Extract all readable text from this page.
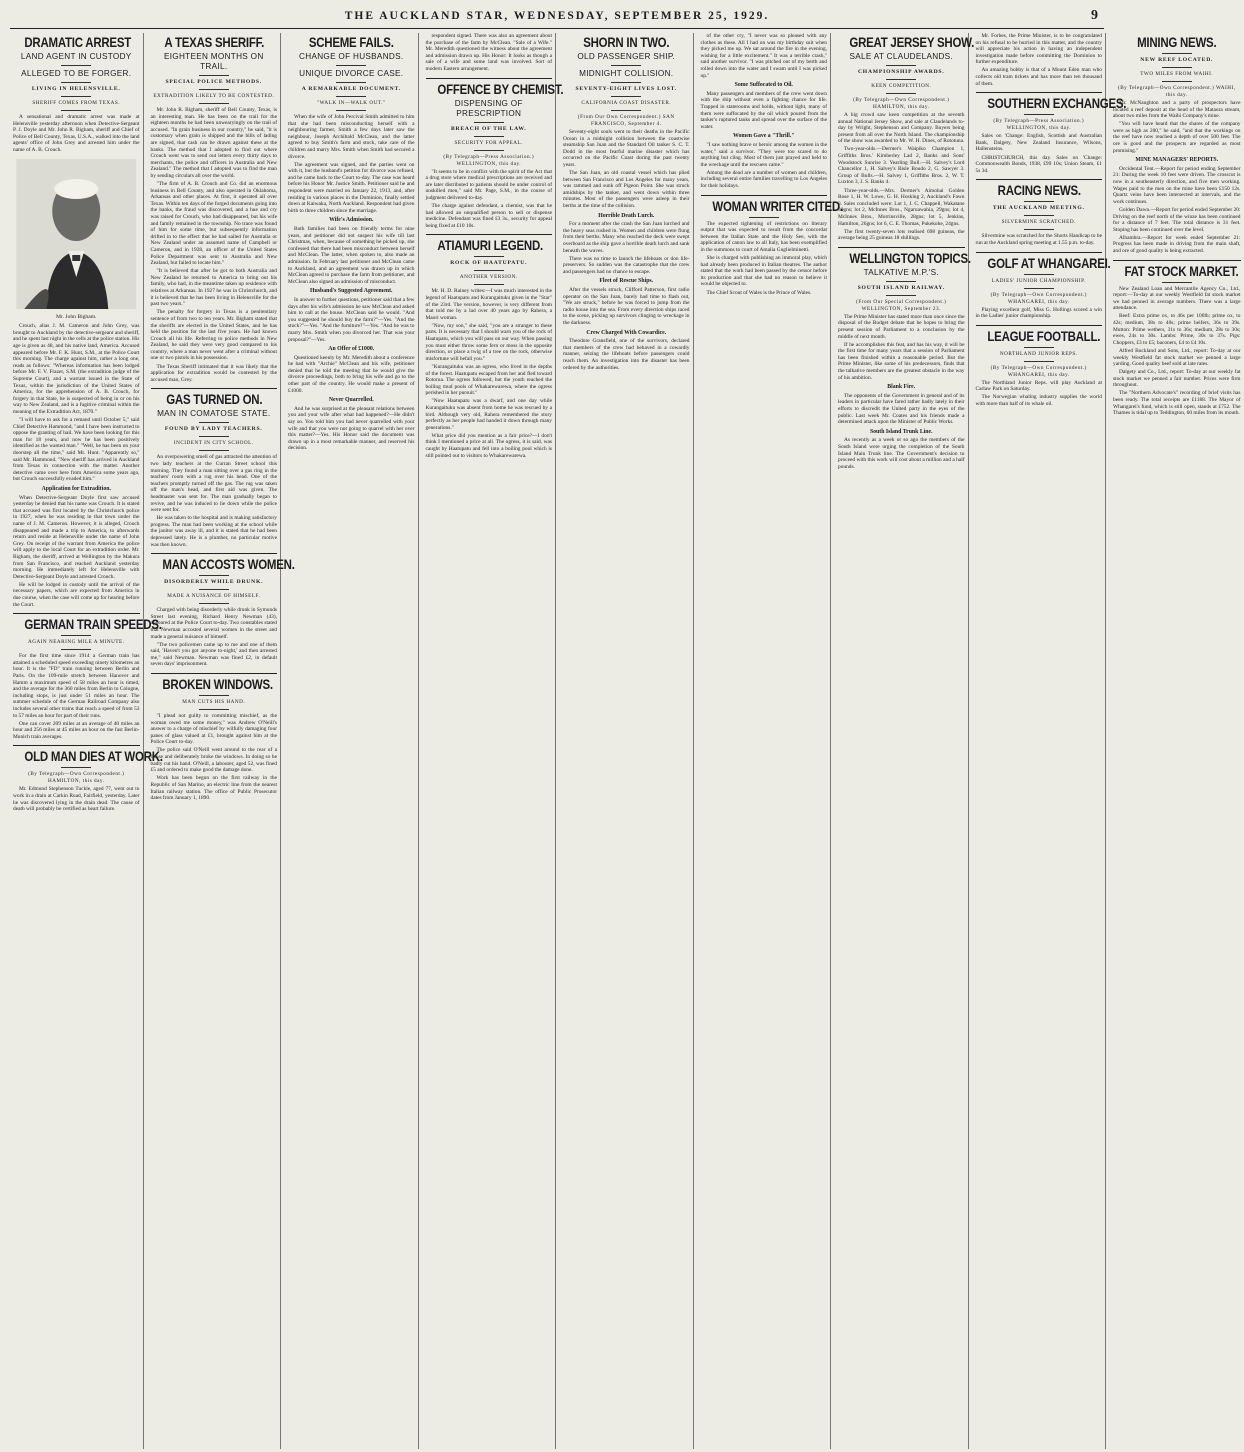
THE AUCKLAND STAR, WEDNESDAY, SEPTEMBER 25, 1929.	9
DRAMATIC ARREST
LAND AGENT IN CUSTODY
ALLEGED TO BE FORGER.
LIVING IN HELENSVILLE.
SHERIFF COMES FROM TEXAS.

A sensational and dramatic arrest was made at Helensville yesterday afternoon when Detective-Sergeant P. J. Doyle and Mr. John R. Bigham, sheriff and Chief of Police of Bell County, Texas, U.S.A., walked into the land agents' office of John Grey and arrested him under the name of A. B. Crouch.

Mr. John Bigham.

Crouch, alias J. M. Cameron and John Grey, was brought to Auckland by the detective-sergeant and sheriff, and he spent last night in the cells at the police station. His age is given as 48, and his native land, America. Accused appeared before Mr. F. K. Hunt, S.M., at the Police Court this morning. The charge against him, rather a long one, reads as follows: "Whereas information has been lodged before Mr. F. V. Frazer, S.M. (the extradition judge of the Supreme Court), and a warrant issued in the State of Texas, within the jurisdiction of the United States of America, for the apprehension of A. B. Crouch, for forgery in that State, he is suspected of being in or on his way to New Zealand, and is a fugitive criminal within the meaning of the Extradition Act, 1870."

"I will have to ask for a remand until October 5," said Chief Detective Hammond, "and I have been instructed to oppose the granting of bail. We have been looking for this man for 18 years, and now he has been positively identified as the wanted man." "Well, he has been on your doorstep all the time," said Mr. Hunt. "Apparently so," said Mr. Hammond. "New sheriff has arrived in Auckland from Texas in connection with the matter. Another detective came over here from America some years ago, but Crouch successfully evaded him."

Application for Extradition.

When Detective-Sergeant Doyle first saw accused yesterday he denied that his name was Crouch. It is stated that accused was first located by the Christchurch police in 1927, when he was residing in that town under the name of J. M. Cameron. However, it is alleged, Crouch disappeared and made a trip to America, to afterwards return and reside at Helensville under the name of John Grey. On receipt of the warrant from America the police will apply to the local Court for an extradition order. Mr. Bigham, the sheriff, arrived at Wellington by the Makura from San Francisco, and reached Auckland yesterday morning. He immediately left for Helensville with Detective-Sergeant Doyle and arrested Crouch.

He will be lodged in custody until the arrival of the necessary papers, which are expected from America in due course, when the case will come up for hearing before the Court.

GERMAN TRAIN SPEEDS.
AGAIN NEARING MILE A MINUTE.

For the first time since 1914 a German train has attained a scheduled speed exceeding ninety kilometres an hour. It is the "FD" train running between Berlin and Paris. On the 109-mile stretch between Hanover and Hamm a maximum speed of 58 miles an hour is timed, and the average for the 360 miles from Berlin to Cologne, including stops, is just under 51 miles an hour. The summer schedule of the German Railroad Company also includes several other trains that reach a speed of from 53 to 57 miles an hour for part of their runs.

One can cover 209 miles at an average of 40 miles an hour and 256 miles at 45 miles an hour on the fast Berlin-Munich train averages.

OLD MAN DIES AT WORK.
(By Telegraph—Own Correspondent.) HAMILTON, this day.

Mr. Edmund Stephenson Tuckle, aged 77, went out to work in a drain at Carkin Road, Fairfield, yesterday. Later he was discovered lying in the drain dead. The cause of death will probably be certified as heart failure.

A TEXAS SHERIFF.
EIGHTEEN MONTHS ON TRAIL.
SPECIAL POLICE METHODS.
EXTRADITION LIKELY TO BE CONTESTED.

Mr. John R. Bigham, sheriff of Bell County, Texas, is an interesting man. He has been on the trail for the eighteen months he had been unwearyingly on the trail of accused. "In grain business in our country," he said, "it is customary when grain is shipped and the bills of lading are signed, that cash can be drawn against these at the banks. The method that I adopted to find out where Crouch went was to send out letters every thirty days to merchants, the police and officers in Australia and New Zealand." The method that I adopted was to find the man by sending circulars all over the world.

"The firm of A. B. Crouch and Co. did an enormous business in Bell County, and also operated in Oklahoma, Arkansas and other places. At first, it operated all over Texas. Within ten days of the forged documents going into the banks, the fraud was discovered, and a hue and cry was raised for Crouch, who had disappeared, but his wife and family remained in the township. No trace was found of him for some time, but subsequently information drifted in to the effect that he had sailed for Australia or New Zealand under an assumed name of Campbell or Cameron, and in 1928, an officer of the United States Police Department was sent to Australia and New Zealand, but failed to locate him."

"It is believed that after he got to both Australia and New Zealand he returned to America to bring out his family, who had, in the meantime taken up residence with relatives at Arkansas. In 1927 he was in Christchurch, and it is believed that he has been living in Helensville for the past two years."

The penalty for forgery in Texas is a penitentiary sentence of from two to ten years. Mr. Bigham stated that the sheriffs are elected in the United States, and he has held the position for the last five years. He had known Crouch all his life. Referring to police methods in New Zealand, he said they were very good compared to his country, where a man never went after a criminal without one or two pistols in his possession.

The Texas Sheriff intimated that it was likely that the application for extradition would be contested by the accused man, Grey.

GAS TURNED ON.
MAN IN COMATOSE STATE.
FOUND BY LADY TEACHERS.
INCIDENT IN CITY SCHOOL.

An overpowering smell of gas attracted the attention of two lady teachers at the Curran Street school this morning. They found a man sitting over a gas ring in the teachers' room with a rug over his head. One of the teachers promptly turned off the gas. The rug was taken off the man's head, and first aid was given. The headmaster was sent for. The man gradually began to revive, and he was induced to lie down while the police were sent for.

He was taken to the hospital and is making satisfactory progress. The man had been working at the school while the janitor was away ill, and it is stated that he had been depressed lately. He is a plumber, no particular motive was then known.

MAN ACCOSTS WOMEN.
DISORDERLY WHILE DRUNK.
MADE A NUISANCE OF HIMSELF.

Charged with being disorderly while drunk in Symonds Street last evening, Richard Henry Newman (43), appeared at the Police Court to-day. Two constables stated that Newman accosted several women in the street and made a general nuisance of himself.

"The two policemen came up to me and one of them said, 'Haven't you got anyone to-night,' and then arrested me," said Newman. Newman was fined £2, in default seven days' imprisonment.

BROKEN WINDOWS.
MAN CUTS HIS HAND.

"I plead not guilty to committing mischief, as the woman owed me some money," was Andrew O'Neill's answer to a charge of mischief by wilfully damaging four panes of glass valued at £1, brought against him at the Police Court to-day.

The police said O'Neill went around to the rear of a house and deliberately broke the windows. In doing so he badly cut his hand. O'Neill, a labourer, aged 52, was fined £5 and ordered to make good the damage done.

Work has been begun on the first railway in the Republic of San Marino, an electric line from the nearest Italian railway station. The office of Public Prosecutor dates from January 1, 1890.

SCHEME FAILS.
CHANGE OF HUSBANDS.
UNIQUE DIVORCE CASE.
A REMARKABLE DOCUMENT.
"WALK IN—WALK OUT."

When the wife of John Percival Smith admitted to him that she had been misconducting herself with a neighbouring farmer, Smith a few days later saw the neighbour, Joseph Archibald McClean, and the latter agreed to buy Smith's farm and stock, take care of the children and marry Mrs. Smith when Smith had secured a divorce.

The agreement was signed, and the parties went on with it, but the husband's petition for divorce was refused, and he came back to the Court to-day. The case was heard before his Honor Mr. Justice Smith. Petitioner said he and respondent were married on January 22, 1913, and, after residing in various places in the Dominion, finally settled down at Kaiwaka, North Auckland. Respondent had given birth to three children since the marriage.

Wife's Admission.

Both families had been on friendly terms for nine years, and petitioner did not suspect his wife till last Christmas, when, because of something he picked up, she confessed that there had been misconduct between herself and McClean. The latter, when spoken to, also made an admission. In February last petitioner and McClean came to Auckland, and an agreement was drawn up in which McClean agreed to purchase the farm from petitioner, and McClean also signed an admission of misconduct.

Husband's Suggested Agreement.

In answer to further questions, petitioner said that a few days after his wife's admission he saw McClean and asked him to call at the house. McClean said he would. "And you suggested he should buy the farm?"—Yes. "And the stock?"—Yes. "And the furniture?"—Yes. "And he was to marry Mrs. Smith when you divorced her. That was your proposal?"—Yes.

An Offer of £1000.

Questioned keenly by Mr. Meredith about a conference he had with "Archie" McClean and his wife, petitioner denied that he told the meeting that he would give the divorce proceedings, both to bring his wife and go to the other part of the country. He would make a present of £1000.

Never Quarrelled.

And he was surprised at the pleasant relations between you and your wife after what had happened?—He didn't say so. You told him you had never quarrelled with your wife and that you were not going to quarrel with her over this matter?—Yes. His Honor said the document was drawn up in a most remarkable manner, and reserved his decision.

respondent signed. There was also an agreement about the purchase of the farm by McClean. "Sale of a Wife." Mr. Meredith questioned the witness about the agreement and admission drawn up. His Honor: It looks as though a sale of a wife and some land was involved. Sort of modern Eastern arrangement.

OFFENCE BY CHEMIST.
DISPENSING OF PRESCRIPTION
BREACH OF THE LAW.
SECURITY FOR APPEAL.
(By Telegraph—Press Association.) WELLINGTON, this day.

"It seems to be in conflict with the spirit of the Act that a drug store where medical prescriptions are received and are later distributed to patients should be under control of unskilled men," said Mr. Page, S.M., in the course of judgment delivered to-day.

The charge against defendant, a chemist, was that he had allowed an unqualified person to sell or dispense medicine. Defendant was fined £3 3s., security for appeal being fixed at £10 10s.

ATIAMURI LEGEND.
ROCK OF HAATUPATU.
ANOTHER VERSION.

Mr. H. D. Rainey writes:—I was much interested in the legend of Haatupatu and Kurangaituku given in the "Star" of the 23rd. The version, however, is very different from that told me by a lad over 40 years ago by Rahera, a Maori woman.

"Now, my son," she said, "you are a stranger to these parts. It is necessary that I should warn you of the rock of Haatupatu, which you will pass on our way. When passing you must either throw some fern or moss in the opposite direction, or place a twig of a tree on the rock, otherwise misfortune will befall you."

"Kurangaituku was an ogress, who lived in the depths of the forest. Haatupatu escaped from her and fled toward Rotorua. The ogress followed, but the youth reached the boiling mud pools of Whakarewarewa, where the ogress perished in her pursuit."

"Now Haatupatu was a dwarf, and one day while Kurangaituku was absent from home he was rescued by a bird. Although very old, Rahera remembered the story perfectly as her people had handed it down through many generations."

What price did you mention as a fair price?—I don't think I mentioned a price at all. The ogress, it is said, was caught by Haatupatu and fell into a boiling pool which is still pointed out to visitors to Whakarewarewa.

SHORN IN TWO.
OLD PASSENGER SHIP.
MIDNIGHT COLLISION.
SEVENTY-EIGHT LIVES LOST.
CALIFORNIA COAST DISASTER.
(From Our Own Correspondent.) SAN FRANCISCO, September 4.

Seventy-eight souls went to their deaths in the Pacific Ocean in a midnight collision between the coastwise steamship San Juan and the Standard Oil tanker S. C. T. Dodd in the most fearful marine disaster which has occurred on the Pacific Coast during the past twenty years.

The San Juan, an old coastal vessel which has plied between San Francisco and Los Angeles for many years, was rammed and sunk off Pigeon Point. She was struck amidships by the tanker, and went down within three minutes. Most of the passengers were asleep in their berths at the time of the collision.

Horrible Death Lurch.

For a moment after the crash the San Juan lurched and the heavy seas rushed in. Women and children were flung from their berths. Many who reached the deck were swept overboard as the ship gave a horrible death lurch and sank beneath the waves.

There was no time to launch the lifeboats or don life-preservers. So sudden was the catastrophe that the crew and passengers had no chance to escape.

Fleet of Rescue Ships.

After the vessels struck, Clifford Patterson, first radio operator on the San Juan, barely had time to flash out, "We are struck," before he was forced to jump from the radio house into the sea. From every direction ships raced to the scene, picking up survivors clinging to wreckage in the darkness.

Crew Charged With Cowardice.

Theodore Gransfield, one of the survivors, declared that members of the crew had behaved in a cowardly manner, seizing the lifeboats before passengers could reach them. An investigation into the disaster has been ordered by the authorities.

of the other cry, "I never was so pleased with any clothes as these. All I had on was my birthday suit when they picked me up. We sat around the fire in the evening, wishing for a little excitement." It was a terrible crash," said another survivor. "I was pitched out of my berth and rolled down into the water and I swam until I was picked up."

Some Suffocated to Oil.

Many passengers and members of the crew went down with the ship without even a fighting chance for life. Trapped in staterooms and holds, without light, many of them were suffocated by the oil which poured from the tanker's ruptured tanks and spread over the surface of the water.

Women Gave a "Thrill."

"I saw nothing brave or heroic among the women in the water," said a survivor. "They were too scared to do anything but cling. Most of them just prayed and held to the wreckage until the rescuers came."

Among the dead are a number of women and children, including several entire families travelling to Los Angeles for their holidays.

WOMAN WRITER CITED.

The expected tightening of restrictions on literary output that was expected to result from the concordat between the Italian State and the Holy See, with the application of canon law to all Italy, has been exemplified in the summons to court of Amalia Guglielminetti.

She is charged with publishing an immoral play, which had already been produced in Italian theatres. The author stated that the work had been passed by the censor before its production and that she had no reason to believe it would be objected to.

The Chief Scout of Wales is the Prince of Wales.

GREAT JERSEY SHOW.
SALE AT CLAUDELANDS.
CHAMPIONSHIP AWARDS.
KEEN COMPETITION.
(By Telegraph—Own Correspondent.) HAMILTON, this day.

A big crowd saw keen competition at the seventh annual National Jersey Show, and sale at Claudelands to-day by Wright, Stephenson and Company. Buyers being present from all over the North Island. The championship of the show was awarded to Mr. W. H. Dines, of Rototuna.

Two-year-olds.—Dermer's Waipiko Champion 1, Griffiths Bros.' Kimberley Lad 2, Banks and Sons' Woodstock Sunrise 3. Yearling Bull.—H. Salvey's Lord Chancellor 1, H. Salvey's Bisle Boudo 2, G. Sawyer 3. Group of Bulls.—H. Salvey 1, Griffiths Bros. 2, W. T. Luxton 3, J. S. Banks 4.

Three-year-olds.—Mrs. Dermer's Aimohai Golden Rose 1, H. W. Lowe, G. H. Hosking 2, Auckland's Fawn 3. Sales concluded were: Lot 1, J. C. Chappell, Wakatane 30gns; lot 2, McInnes Bros., Ngaruawahia, 29gns; lot 4, McInnes Bros., Morrinsville, 28gns; lot 5, Jenkins, Hamilton, 26gns; lot 6, C. E. Thomas, Pukekohe, 24gns.

The first twenty-seven lots realised 698 guineas, the average being 25 guineas 18 shillings.

WELLINGTON TOPICS.
TALKATIVE M.P.'S.
SOUTH ISLAND RAILWAY.
(From Our Special Correspondent.) WELLINGTON, September 23.

The Prime Minister has stated more than once since the disposal of the Budget debate that he hopes to bring the present session of Parliament to a conclusion by the middle of next month.

If he accomplishes this feat, and has his way, it will be the first time for many years that a session of Parliament has been finished within a reasonable period. But the Prime Minister, like some of his predecessors, finds that the talkative members are the greatest obstacle in the way of his ambition.

Blank Fire.

The opponents of the Government in general and of its leaders in particular have fared rather badly lately in their efforts to discredit the United party in the eyes of the public. Last week Mr. Coates and his friends made a determined attack upon the Minister of Public Works.

South Island Trunk Line.

As recently as a week or so ago the members of the South Island were urging the completion of the South Island Main Trunk line. The Government's decision to proceed with this work will cost about a million and a half pounds.

Mr. Forbes, the Prime Minister, is to be congratulated on his refusal to be hurried in this matter, and the country will appreciate his action in having an independent investigation made before committing the Dominion to further expenditure.

An amazing hobby is that of a Mount Eden man who collects old tram tickets and has more than ten thousand of them.

SOUTHERN EXCHANGES.
(By Telegraph—Press Association.) WELLINGTON, this day.

Sales on 'Change: English, Scottish and Australian Bank, Dalgety, New Zealand Insurance, Wilsons, Hallensteins.

CHRISTCHURCH, this day. Sales on 'Change: Commonwealth Bonds, 1938, £99 10s; Union Steam, £1 5s 3d.

RACING NEWS.
THE AUCKLAND MEETING.
SILVERMINE SCRATCHED.

Silvermine was scratched for the Shorts Handicap to be run at the Auckland spring meeting at 1.55 p.m. to-day.

GOLF AT WHANGAREI.
LADIES' JUNIOR CHAMPIONSHIP.
(By Telegraph—Own Correspondent.) WHANGAREI, this day.

Playing excellent golf, Miss G. Hollings scored a win in the Ladies' junior championship.

LEAGUE FOOTBALL.
NORTHLAND JUNIOR REPS.
(By Telegraph—Own Correspondent.) WHANGAREI, this day.

The Northland Junior Reps. will play Auckland at Carlaw Park on Saturday.

The Norwegian whaling industry supplies the world with more than half of its whale oil.

MINING NEWS.
NEW REEF LOCATED.
TWO MILES FROM WAIHI.
(By Telegraph—Own Correspondent.) WAIHI, this day.

Mr. McNaughton and a party of prospectors have located a reef deposit at the head of the Mataura stream, about two miles from the Waihi Company's mine.

"You will have heard that the shares of the company were as high as 200," he said, "and that the workings on the reef have now reached a depth of over 500 feet. The ore is good and the prospects are regarded as most promising."

MINE MANAGERS' REPORTS.

Occidental Tent.—Report for period ending September 21: During the week 10 feet were driven. The crosscut is now in a southeasterly direction, and five men working. Wages paid to the men on the mine have been £150 12s. Quartz veins have been intersected at intervals, and the work continues.

Golden Dawn.—Report for period ended September 20: Driving on the reef north of the winze has been continued for a distance of 7 feet. The total distance is 31 feet. Stoping has been continued over the level.

Alhambra.—Report for week ended September 21: Progress has been made in driving from the main shaft, and ore of good quality is being extracted.

FAT STOCK MARKET.

New Zealand Loan and Mercantile Agency Co., Ltd., report:—To-day at our weekly Westfield fat stock market we had penned in average numbers. There was a large attendance.

Beef: Extra prime ox, to 46s per 100lb; prime ox, to 42s; medium, 38s to 40s; prime heifers, 36s to 39s. Mutton: Prime wethers, 31s to 36s; medium, 28s to 30s; ewes, 24s to 30s. Lambs: Prime, 30s to 37s. Pigs: Choppers, £3 to £5; baconers, £4 to £4 10s.

Alfred Buckland and Sons, Ltd., report: To-day at our weekly Westfield fat stock market we penned a large yarding. Good quality beef sold at late rates.

Dalgety and Co., Ltd., report: To-day at our weekly fat stock market we penned a fair number. Prices were firm throughout.

The "Northern Advocate's" recording of brief visits has been ready. The total receipts are £1188. The Mayor of Whangarei's fund, which is still open, stands at £752. The Thames is tidal up to Teddington, 60 miles from its mouth.
